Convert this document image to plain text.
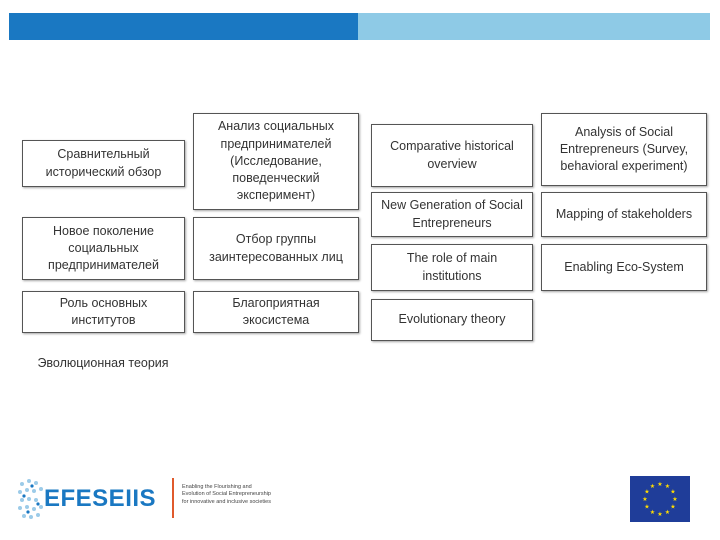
Сравнительный исторический обзор
Новое поколение социальных предпринимателей
Роль основных институтов
Эволюционная теория
Анализ социальных предпринимателей (Исследование, поведенческий эксперимент)
Отбор группы заинтересованных лиц
Благоприятная экосистема
Comparative historical overview
New Generation of Social Entrepreneurs
The role of main institutions
Evolutionary theory
Analysis of Social Entrepreneurs (Survey, behavioral experiment)
Mapping of stakeholders
Enabling Eco-System
EFESEIIS	Enabling the Flourishing and
Evolution of Social Entrepreneurship
for innovative and inclusive societies
★ ★
★
★
★
★
★
★
★
★
★
★
